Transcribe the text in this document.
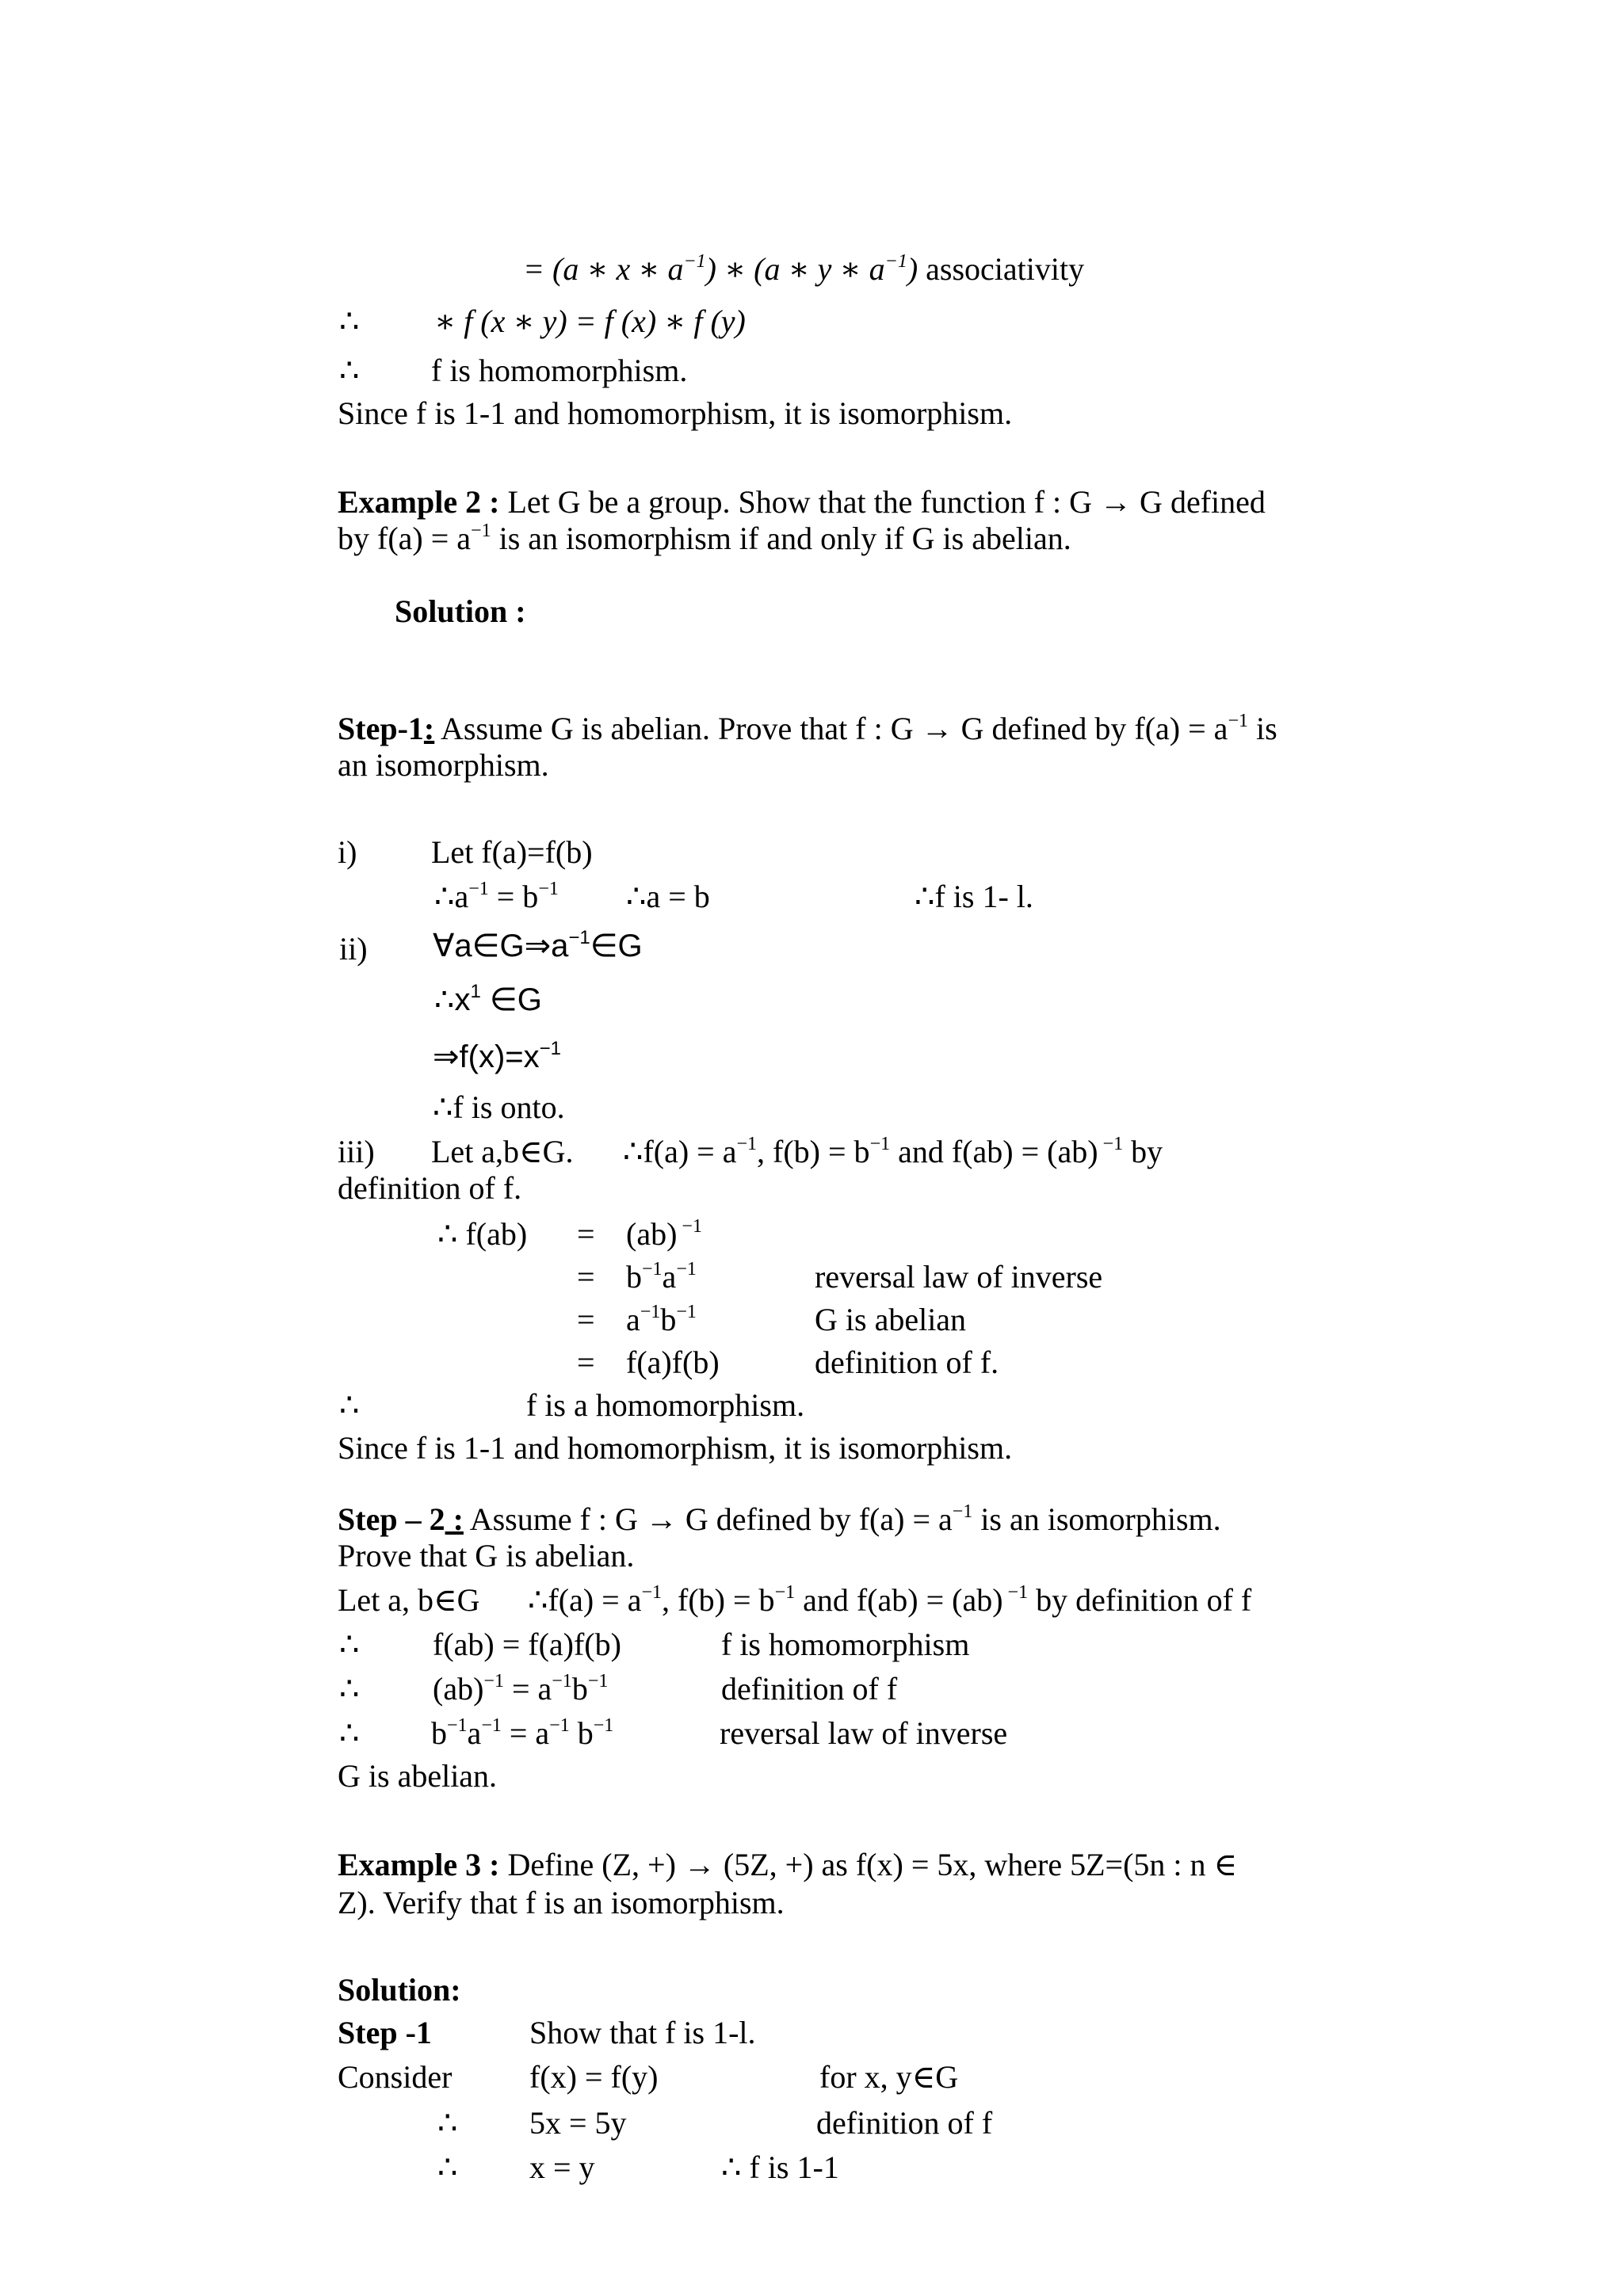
= (a ∗ x ∗ $a^{-1}$) ∗ (a ∗ y ∗ $a^{-1}$) associativity
∴ ∗ f (x ∗ y) = f (x) ∗ f (y)
∴ f is homomorphism.
Since f is 1-1 and homomorphism, it is isomorphism.
Example 2 : Let G be a group. Show that the function f : G → G defined
by $f(a) = a^{-1}$ is an isomorphism if and only if G is abelian.
Solution :
Step-1: Assume G is abelian. Prove that f : G → G defined by $f(a) = a^{-1}$ is
an isomorphism.
i) Let f(a)=f(b)
$\therefore a^{-1} = b^{-1}$ ∴a = b	∴f is 1- l.
ii) $\forall a\in G\Rightarrow a^{-1}\in G$
$\therefore x^1$ ∈G
$\Rightarrow f(x)=x^{-1}$
∴f is onto.
iii) Let a,b∈G. ∴f(a) = $a^{-1}$, $f(b) = b^{-1}$ and f(ab) = (ab) $^{-1}$ by
definition of f.
∴ f(ab) = (ab) $^{-1}$
= $b^{-1}a^{-1}$	reversal law of inverse
= $a^{-1}b^{-1}$	G is abelian
= f(a)f(b)	definition of f.
∴	f is a homomorphism.
Since f is 1-1 and homomorphism, it is isomorphism.
Step – 2 : Assume f : G → G defined by $f(a) = a^{-1}$ is an isomorphism.
Prove that G is abelian.
Let a, b∈G ∴f(a) = $a^{-1}$, $f(b) = b^{-1}$ and f(ab) = (ab) $^{-1}$ by definition of f
∴ f(ab) = f(a)f(b)	f is homomorphism
∴ $(ab)^{-1} = a^{-1}b^{-1}$	definition of f
∴ $b^{-1}a^{-1} = a^{-1}$ $b^{-1}$	reversal law of inverse
G is abelian.
Example 3 : Define (Z, +) → (5Z, +) as f(x) = 5x, where 5Z=(5n : n ∈
Z). Verify that f is an isomorphism.
Solution:
Step -1	Show that f is 1-l.
Consider f(x) = f(y)	for x, y∈G
∴ 5x = 5y	definition of f
∴ x = y	∴ f is 1-1
